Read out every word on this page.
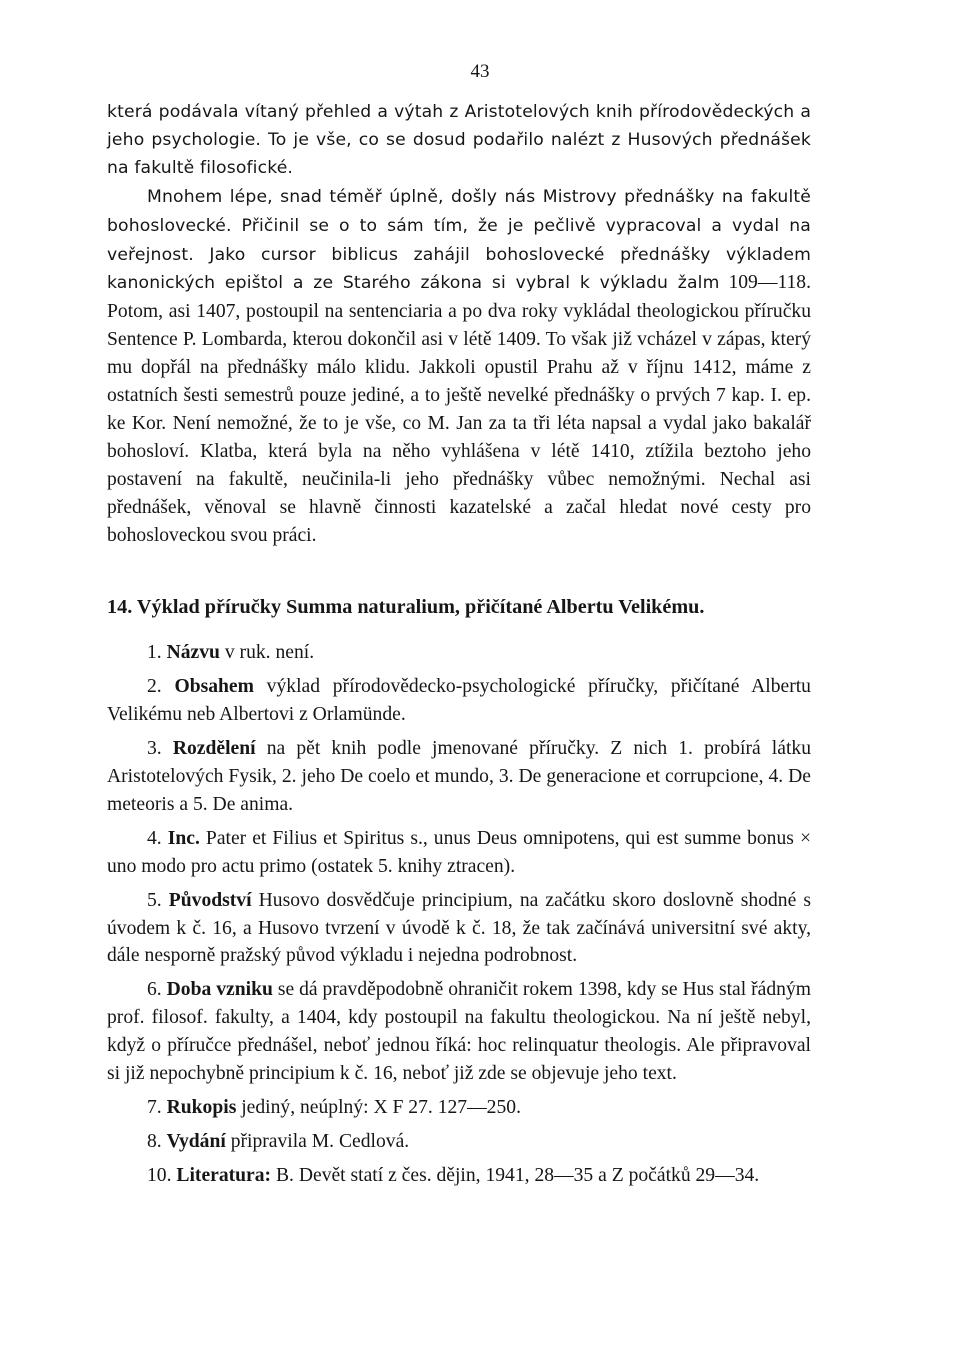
43

která podávala vítaný přehled a výtah z Aristotelových knih přírodovědeckých a jeho psychologie. To je vše, co se dosud podařilo nalézt z Husových přednášek na fakultě filosofické.

Mnohem lépe, snad téměř úplně, došly nás Mistrovy přednášky na fakultě bohoslovecké. Přičinil se o to sám tím, že je pečlivě vypracoval a vydal na veřejnost. Jako cursor biblicus zahájil bohoslovecké přednášky výkladem kanonických epištol a ze Starého zákona si vybral k výkladu žalm 109—118. Potom, asi 1407, postoupil na sentenciaria a po dva roky vykládal theologickou příručku Sentence P. Lombarda, kterou dokončil asi v létě 1409. To však již vcházel v zápas, který mu dopřál na přednášky málo klidu. Jakkoli opustil Prahu až v říjnu 1412, máme z ostatních šesti semestrů pouze jediné, a to ještě nevelké přednášky o prvých 7 kap. I. ep. ke Kor. Není nemožné, že to je vše, co M. Jan za ta tři léta napsal a vydal jako bakalář bohosloví. Klatba, která byla na něho vyhlášena v létě 1410, ztížila beztoho jeho postavení na fakultě, neučinila-li jeho přednášky vůbec nemožnými. Nechal asi přednášek, věnoval se hlavně činnosti kazatelské a začal hledat nové cesty pro bohosloveckou svou práci.

14. Výklad příručky Summa naturalium, přičítané Albertu Velikému.

1. Názvu v ruk. není.

2. Obsahem výklad přírodovědecko-psychologické příručky, přičítané Albertu Velikému neb Albertovi z Orlamünde.

3. Rozdělení na pět knih podle jmenované příručky. Z nich 1. probírá látku Aristotelových Fysik, 2. jeho De coelo et mundo, 3. De generacione et corrupcione, 4. De meteoris a 5. De anima.

4. Inc. Pater et Filius et Spiritus s., unus Deus omnipotens, qui est summe bonus × uno modo pro actu primo (ostatek 5. knihy ztracen).

5. Původství Husovo dosvědčuje principium, na začátku skoro doslovně shodné s úvodem k č. 16, a Husovo tvrzení v úvodě k č. 18, že tak začínává universitní své akty, dále nesporně pražský původ výkladu i nejedna podrobnost.

6. Doba vzniku se dá pravděpodobně ohraničit rokem 1398, kdy se Hus stal řádným prof. filosof. fakulty, a 1404, kdy postoupil na fakultu theologickou. Na ní ještě nebyl, když o příručce přednášel, neboť jednou říká: hoc relinquatur theologis. Ale připravoval si již nepochybně principium k č. 16, neboť již zde se objevuje jeho text.

7. Rukopis jediný, neúplný: X F 27. 127—250.

8. Vydání připravila M. Cedlová.

10. Literatura: B. Devět statí z čes. dějin, 1941, 28—35 a Z počátků 29—34.
